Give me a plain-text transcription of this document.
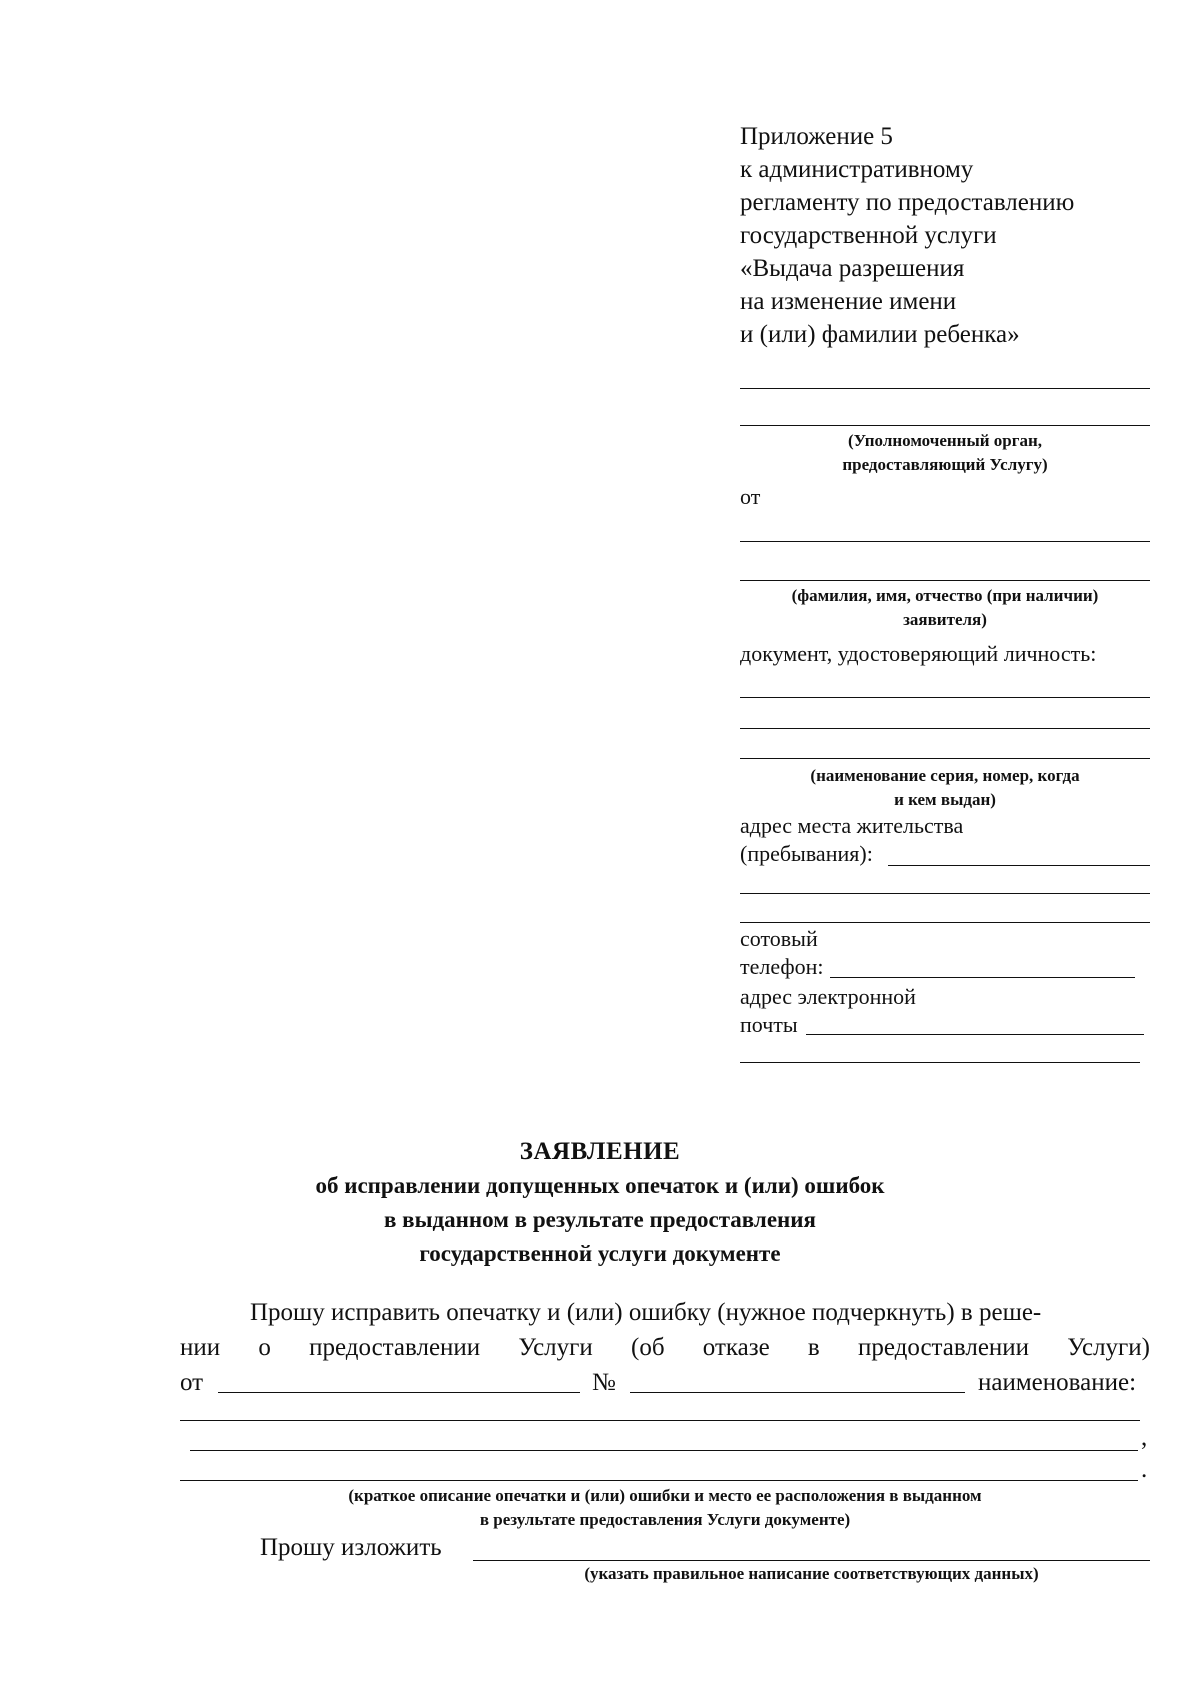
Приложение 5
к административному
регламенту по предоставлению
государственной услуги
«Выдача разрешения
на изменение имени
и (или) фамилии ребенка»
(Уполномоченный орган,
предоставляющий Услугу)
от
(фамилия, имя, отчество (при наличии)
заявителя)
документ, удостоверяющий личность:
(наименование серия, номер, когда
и кем выдан)
адрес места жительства
(пребывания):
сотовый
телефон:
адрес электронной
почты
ЗАЯВЛЕНИЕ
об исправлении допущенных опечаток и (или) ошибок
в выданном в результате предоставления
государственной услуги документе
Прошу исправить опечатку и (или) ошибку (нужное подчеркнуть) в реше-
нии о предоставлении Услуги (об отказе в предоставлении Услуги)
от	№	наименование:
,
.
(краткое описание опечатки и (или) ошибки и место ее расположения в выданном
в результате предоставления Услуги документе)
Прошу изложить
(указать правильное написание соответствующих данных)
